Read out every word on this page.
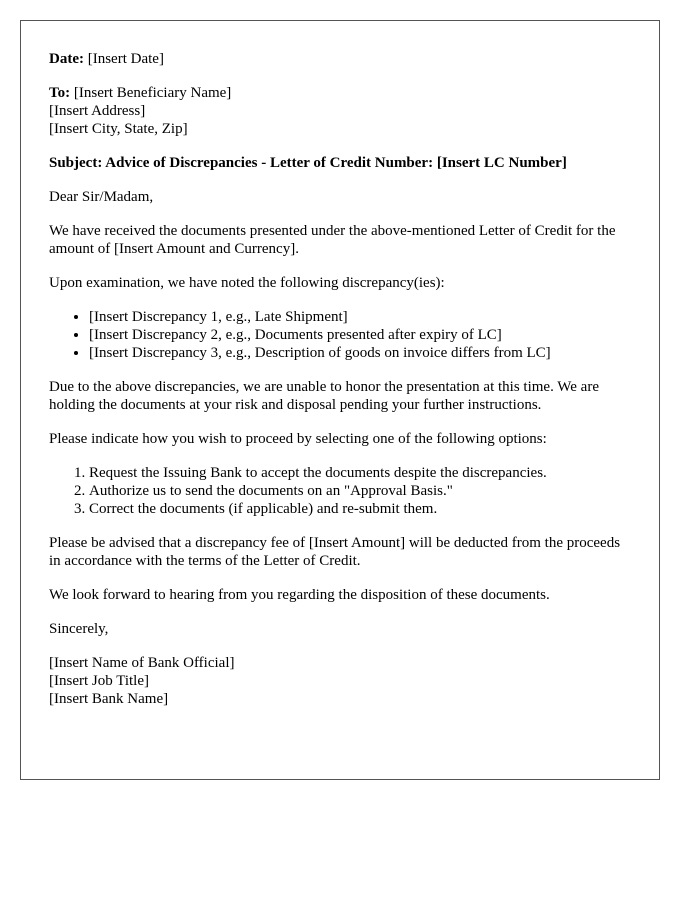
Date: [Insert Date]

To: [Insert Beneficiary Name]
[Insert Address]
[Insert City, State, Zip]

Subject: Advice of Discrepancies - Letter of Credit Number: [Insert LC Number]

Dear Sir/Madam,

We have received the documents presented under the above-mentioned Letter of Credit for the amount of [Insert Amount and Currency].

Upon examination, we have noted the following discrepancy(ies):

• [Insert Discrepancy 1, e.g., Late Shipment]
• [Insert Discrepancy 2, e.g., Documents presented after expiry of LC]
• [Insert Discrepancy 3, e.g., Description of goods on invoice differs from LC]

Due to the above discrepancies, we are unable to honor the presentation at this time. We are holding the documents at your risk and disposal pending your further instructions.

Please indicate how you wish to proceed by selecting one of the following options:

1. Request the Issuing Bank to accept the documents despite the discrepancies.
2. Authorize us to send the documents on an "Approval Basis."
3. Correct the documents (if applicable) and re-submit them.

Please be advised that a discrepancy fee of [Insert Amount] will be deducted from the proceeds in accordance with the terms of the Letter of Credit.

We look forward to hearing from you regarding the disposition of these documents.

Sincerely,

[Insert Name of Bank Official]
[Insert Job Title]
[Insert Bank Name]
